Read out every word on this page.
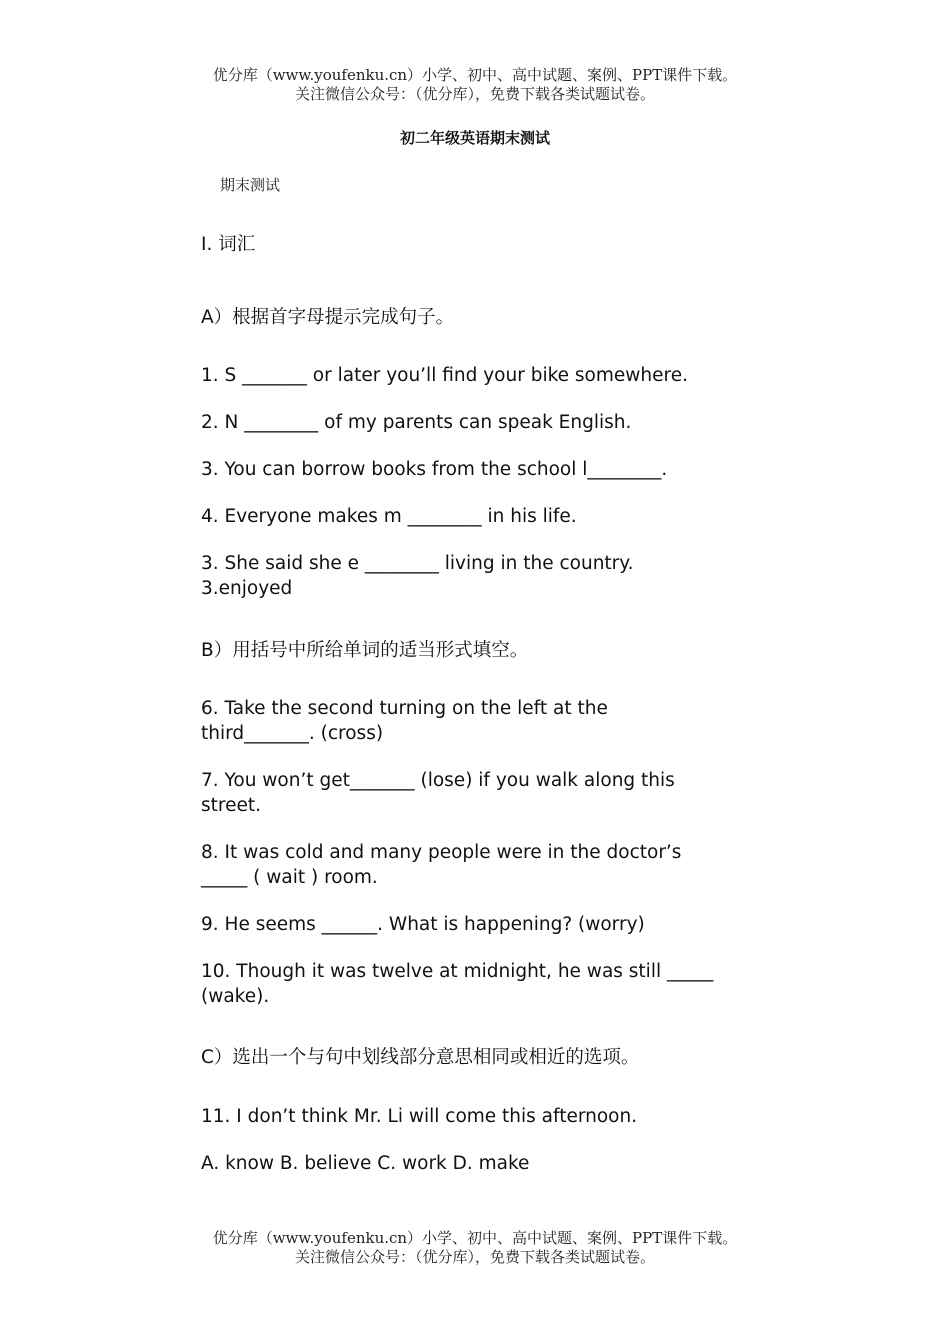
优分库（www.youfenku.cn）小学、初中、高中试题、案例、PPT课件下载。
关注微信公众号：（优分库），免费下载各类试题试卷。
初二年级英语期末测试
期末测试
I. 词汇
A）根据首字母提示完成句子。
1. S _______ or later you’ll find your bike somewhere.
2. N ________ of my parents can speak English.
3. You can borrow books from the school l________.
4. Everyone makes m ________ in his life.
3. She said she e ________ living in the country.
3.enjoyed
B）用括号中所给单词的适当形式填空。
6. Take the second turning on the left at the third_______. (cross)
7. You won’t get_______ (lose) if you walk along this street.
8. It was cold and many people were in the doctor’s _____ ( wait ) room.
9. He seems ______. What is happening? (worry)
10. Though it was twelve at midnight, he was still _____ (wake).
C）选出一个与句中划线部分意思相同或相近的选项。
11. I don’t think Mr. Li will come this afternoon.
A. know B. believe C. work D. make
优分库（www.youfenku.cn）小学、初中、高中试题、案例、PPT课件下载。
关注微信公众号：（优分库），免费下载各类试题试卷。
